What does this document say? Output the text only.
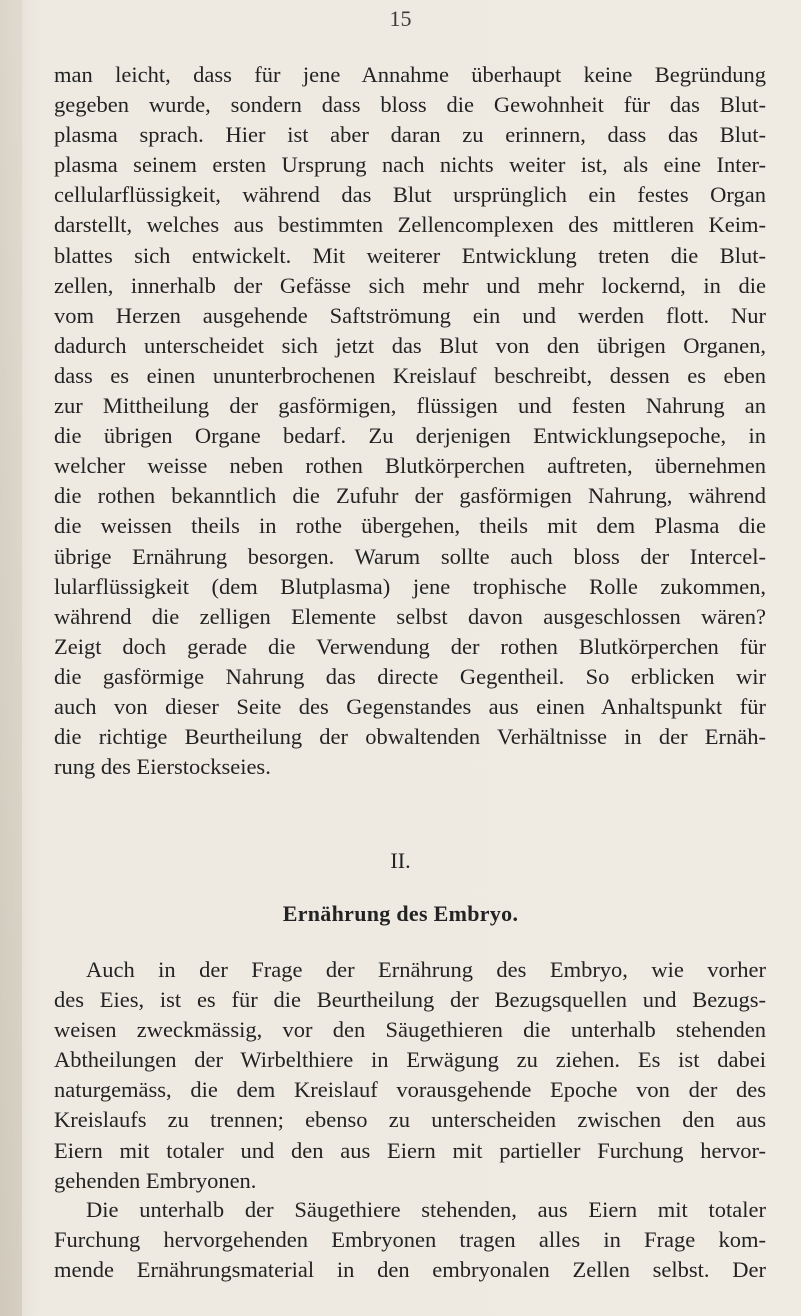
15
man leicht, dass für jene Annahme überhaupt keine Begründung
gegeben wurde, sondern dass bloss die Gewohnheit für das Blut-
plasma sprach. Hier ist aber daran zu erinnern, dass das Blut-
plasma seinem ersten Ursprung nach nichts weiter ist, als eine Inter-
cellularflüssigkeit, während das Blut ursprünglich ein festes Organ
darstellt, welches aus bestimmten Zellencomplexen des mittleren Keim-
blattes sich entwickelt. Mit weiterer Entwicklung treten die Blut-
zellen, innerhalb der Gefässe sich mehr und mehr lockernd, in die
vom Herzen ausgehende Saftströmung ein und werden flott. Nur
dadurch unterscheidet sich jetzt das Blut von den übrigen Organen,
dass es einen ununterbrochenen Kreislauf beschreibt, dessen es eben
zur Mittheilung der gasförmigen, flüssigen und festen Nahrung an
die übrigen Organe bedarf. Zu derjenigen Entwicklungsepoche, in
welcher weisse neben rothen Blutkörperchen auftreten, übernehmen
die rothen bekanntlich die Zufuhr der gasförmigen Nahrung, während
die weissen theils in rothe übergehen, theils mit dem Plasma die
übrige Ernährung besorgen. Warum sollte auch bloss der Intercel-
lularflüssigkeit (dem Blutplasma) jene trophische Rolle zukommen,
während die zelligen Elemente selbst davon ausgeschlossen wären?
Zeigt doch gerade die Verwendung der rothen Blutkörperchen für
die gasförmige Nahrung das directe Gegentheil. So erblicken wir
auch von dieser Seite des Gegenstandes aus einen Anhaltspunkt für
die richtige Beurtheilung der obwaltenden Verhältnisse in der Ernäh-
rung des Eierstockseies.
II.
Ernährung des Embryo.
Auch in der Frage der Ernährung des Embryo, wie vorher
des Eies, ist es für die Beurtheilung der Bezugsquellen und Bezugs-
weisen zweckmässig, vor den Säugethieren die unterhalb stehenden
Abtheilungen der Wirbelthiere in Erwägung zu ziehen. Es ist dabei
naturgemäss, die dem Kreislauf vorausgehende Epoche von der des
Kreislaufs zu trennen; ebenso zu unterscheiden zwischen den aus
Eiern mit totaler und den aus Eiern mit partieller Furchung hervor-
gehenden Embryonen.
Die unterhalb der Säugethiere stehenden, aus Eiern mit totaler
Furchung hervorgehenden Embryonen tragen alles in Frage kom-
mende Ernährungsmaterial in den embryonalen Zellen selbst. Der
